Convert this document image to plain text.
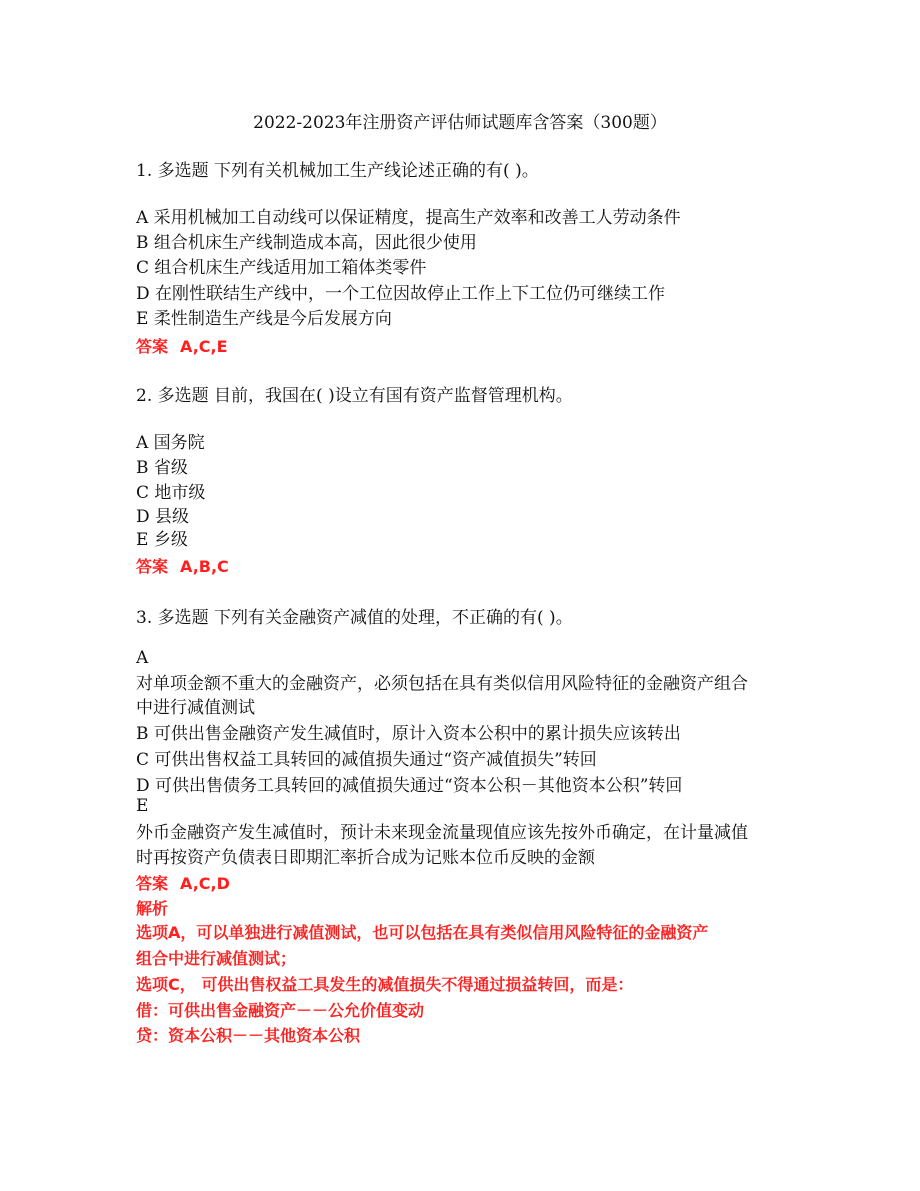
2022-2023年注册资产评估师试题库含答案（300题）
1. 多选题 下列有关机械加工生产线论述正确的有( )。
A 采用机械加工自动线可以保证精度，提高生产效率和改善工人劳动条件
B 组合机床生产线制造成本高，因此很少使用
C 组合机床生产线适用加工箱体类零件
D 在刚性联结生产线中，一个工位因故停止工作上下工位仍可继续工作
E 柔性制造生产线是今后发展方向
答案 A,C,E
2. 多选题 目前，我国在( )设立有国有资产监督管理机构。
A 国务院
B 省级
C 地市级
D 县级
E 乡级
答案 A,B,C
3. 多选题 下列有关金融资产减值的处理，不正确的有( )。
A
对单项金额不重大的金融资产，必须包括在具有类似信用风险特征的金融资产组合
中进行减值测试
B 可供出售金融资产发生减值时，原计入资本公积中的累计损失应该转出
C 可供出售权益工具转回的减值损失通过“资产减值损失”转回
D 可供出售债务工具转回的减值损失通过“资本公积－其他资本公积”转回
E
外币金融资产发生减值时，预计未来现金流量现值应该先按外币确定，在计量减值
时再按资产负债表日即期汇率折合成为记账本位币反映的金额
答案 A,C,D
解析
选项A，可以单独进行减值测试，也可以包括在具有类似信用风险特征的金融资产
组合中进行减值测试；
选项C， 可供出售权益工具发生的减值损失不得通过损益转回，而是：
借：可供出售金融资产－－公允价值变动
贷：资本公积－－其他资本公积
